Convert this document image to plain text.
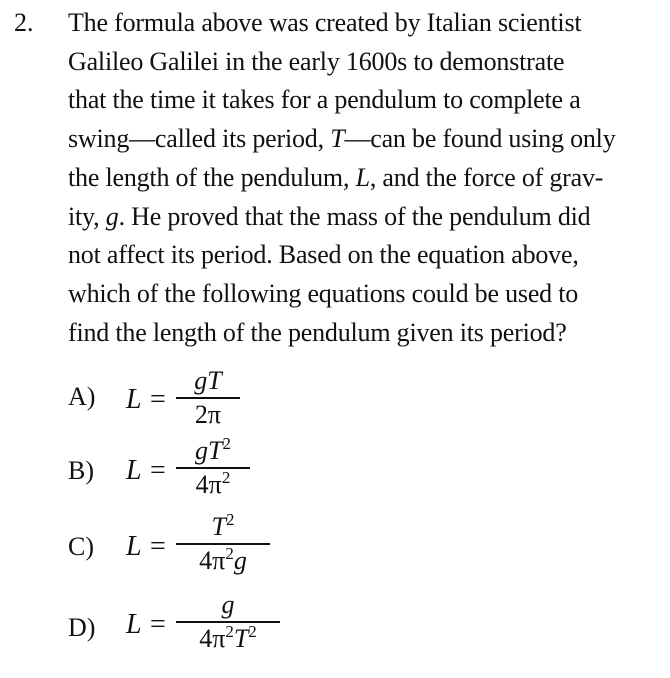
2. The formula above was created by Italian scientist
Galileo Galilei in the early 1600s to demonstrate
that the time it takes for a pendulum to complete a
swing—called its period, T—can be found using only
the length of the pendulum, L, and the force of grav-
ity, g. He proved that the mass of the pendulum did
not affect its period. Based on the equation above,
which of the following equations could be used to
find the length of the pendulum given its period?
A) L =
gT
2π
B) L =
$gT^2$
$4\pi^2$
C) L =
$T^2$
$4\pi^2g$
D) L =
g
$4\pi^2T^2$
